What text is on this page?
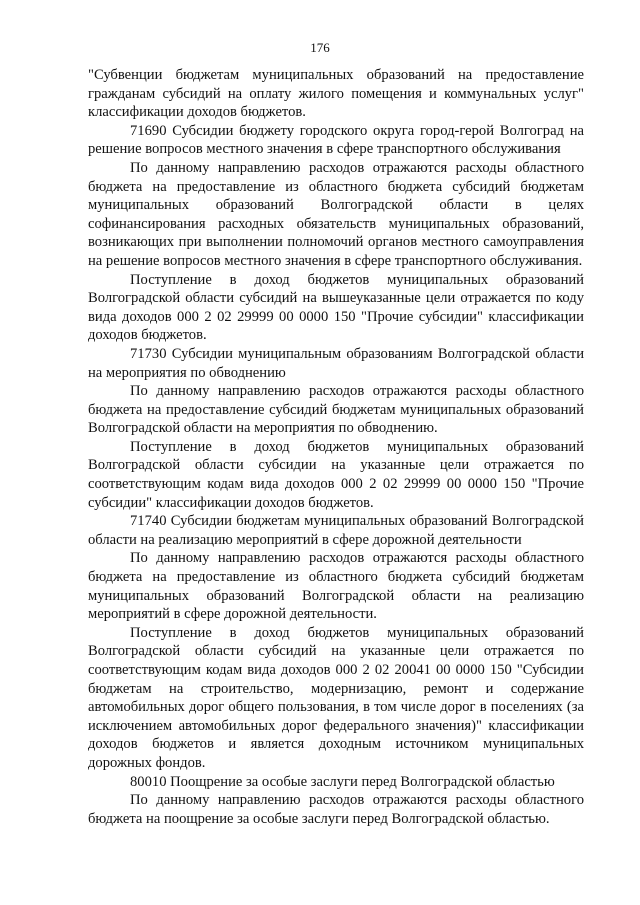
176

"Субвенции бюджетам муниципальных образований на предоставление гражданам субсидий на оплату жилого помещения и коммунальных услуг" классификации доходов бюджетов.

71690 Субсидии бюджету городского округа город-герой Волгоград на решение вопросов местного значения в сфере транспортного обслуживания

По данному направлению расходов отражаются расходы областного бюджета на предоставление из областного бюджета субсидий бюджетам муниципальных образований Волгоградской области в целях софинансирования расходных обязательств муниципальных образований, возникающих при выполнении полномочий органов местного самоуправления на решение вопросов местного значения в сфере транспортного обслуживания.

Поступление в доход бюджетов муниципальных образований Волгоградской области субсидий на вышеуказанные цели отражается по коду вида доходов 000 2 02 29999 00 0000 150 "Прочие субсидии" классификации доходов бюджетов.

71730 Субсидии муниципальным образованиям Волгоградской области на мероприятия по обводнению

По данному направлению расходов отражаются расходы областного бюджета на предоставление субсидий бюджетам муниципальных образований Волгоградской области на мероприятия по обводнению.

Поступление в доход бюджетов муниципальных образований Волгоградской области субсидии на указанные цели отражается по соответствующим кодам вида доходов 000 2 02 29999 00 0000 150 "Прочие субсидии" классификации доходов бюджетов.

71740 Субсидии бюджетам муниципальных образований Волгоградской области на реализацию мероприятий в сфере дорожной деятельности

По данному направлению расходов отражаются расходы областного бюджета на предоставление из областного бюджета субсидий бюджетам муниципальных образований Волгоградской области на реализацию мероприятий в сфере дорожной деятельности.

Поступление в доход бюджетов муниципальных образований Волгоградской области субсидий на указанные цели отражается по соответствующим кодам вида доходов 000 2 02 20041 00 0000 150 "Субсидии бюджетам на строительство, модернизацию, ремонт и содержание автомобильных дорог общего пользования, в том числе дорог в поселениях (за исключением автомобильных дорог федерального значения)" классификации доходов бюджетов и является доходным источником муниципальных дорожных фондов.

80010 Поощрение за особые заслуги перед Волгоградской областью

По данному направлению расходов отражаются расходы областного бюджета на поощрение за особые заслуги перед Волгоградской областью.
